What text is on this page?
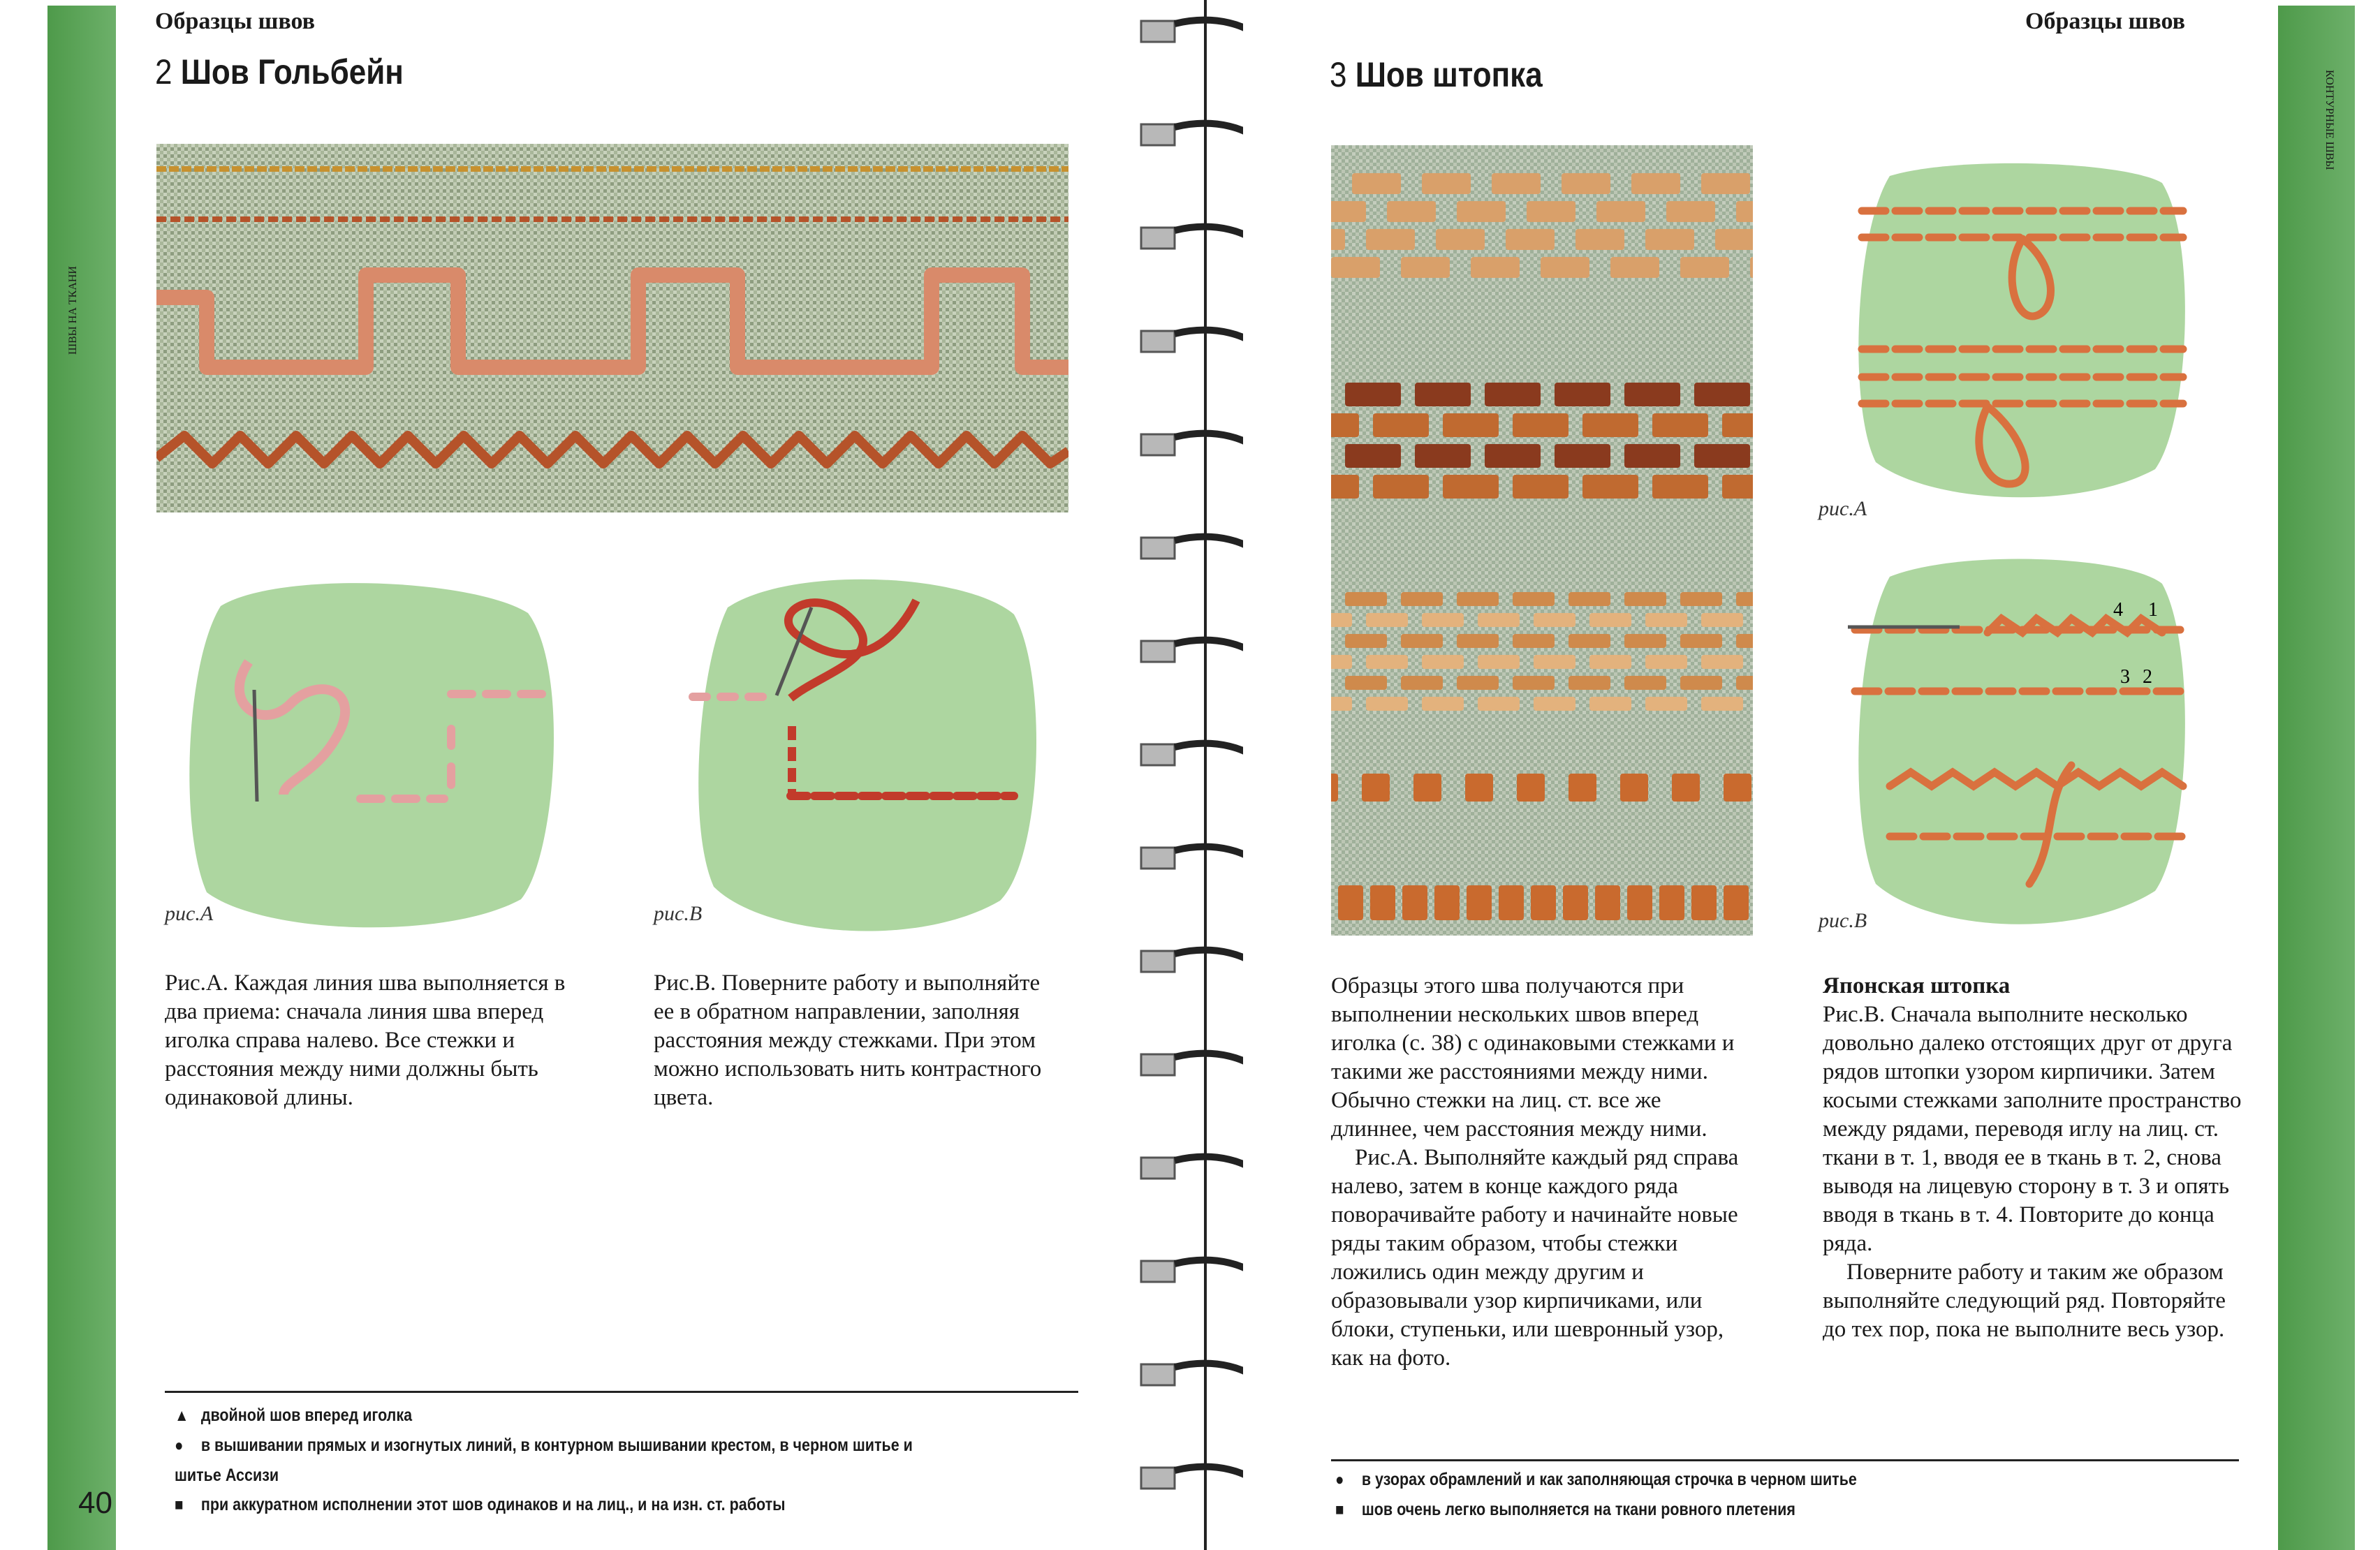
ШВЫ НА ТКАНИ
Образцы швов
2 Шов Гольбейн
рис.А	рис.В
Рис.А. Каждая линия шва выполняется в два приема: сначала линия шва вперед иголка справа налево. Все стежки и расстояния между ними должны быть одинаковой длины.
Рис.В. Поверните работу и выполняйте ее в обратном направлении, заполняя расстояния между стежками. При этом можно использовать нить контрастного цвета.
▲ двойной шов вперед иголка
● в вышивании прямых и изогнутых линий, в контурном вышивании крестом, в черном шитье и
шитье Ассизи
■ при аккуратном исполнении этот шов одинаков и на лиц., и на изн. ст. работы
40
Образцы швов
3 Шов штопка
рис.А
4 1
3 2
рис.В

Образцы этого шва получаются при выполнении нескольких швов вперед иголка (с. 38) с одинаковыми стежками и такими же расстояниями между ними. Обычно стежки на лиц. ст. все же длиннее, чем расстояния между ними.

Рис.А. Выполняйте каждый ряд справа налево, затем в конце каждого ряда поворачивайте работу и начинайте новые ряды таким образом, чтобы стежки ложились один между другим и образовывали узор кирпичиками, или блоки, ступеньки, или шевронный узор, как на фото.

Японская штопка

Рис.В. Сначала выполните несколько довольно далеко отстоящих друг от друга рядов штопки узором кирпичики. Затем косыми стежками заполните пространство между рядами, переводя иглу на лиц. ст. ткани в т. 1, вводя ее в ткань в т. 2, снова выводя на лицевую сторону в т. 3 и опять вводя в ткань в т. 4. Повторите до конца ряда.

Поверните работу и таким же образом выполняйте следующий ряд. Повторяйте до тех пор, пока не выполните весь узор.

● в узорах обрамлений и как заполняющая строчка в черном шитье
■ шов очень легко выполняется на ткани ровного плетения
КОНТУРНЫЕ ШВЫ
